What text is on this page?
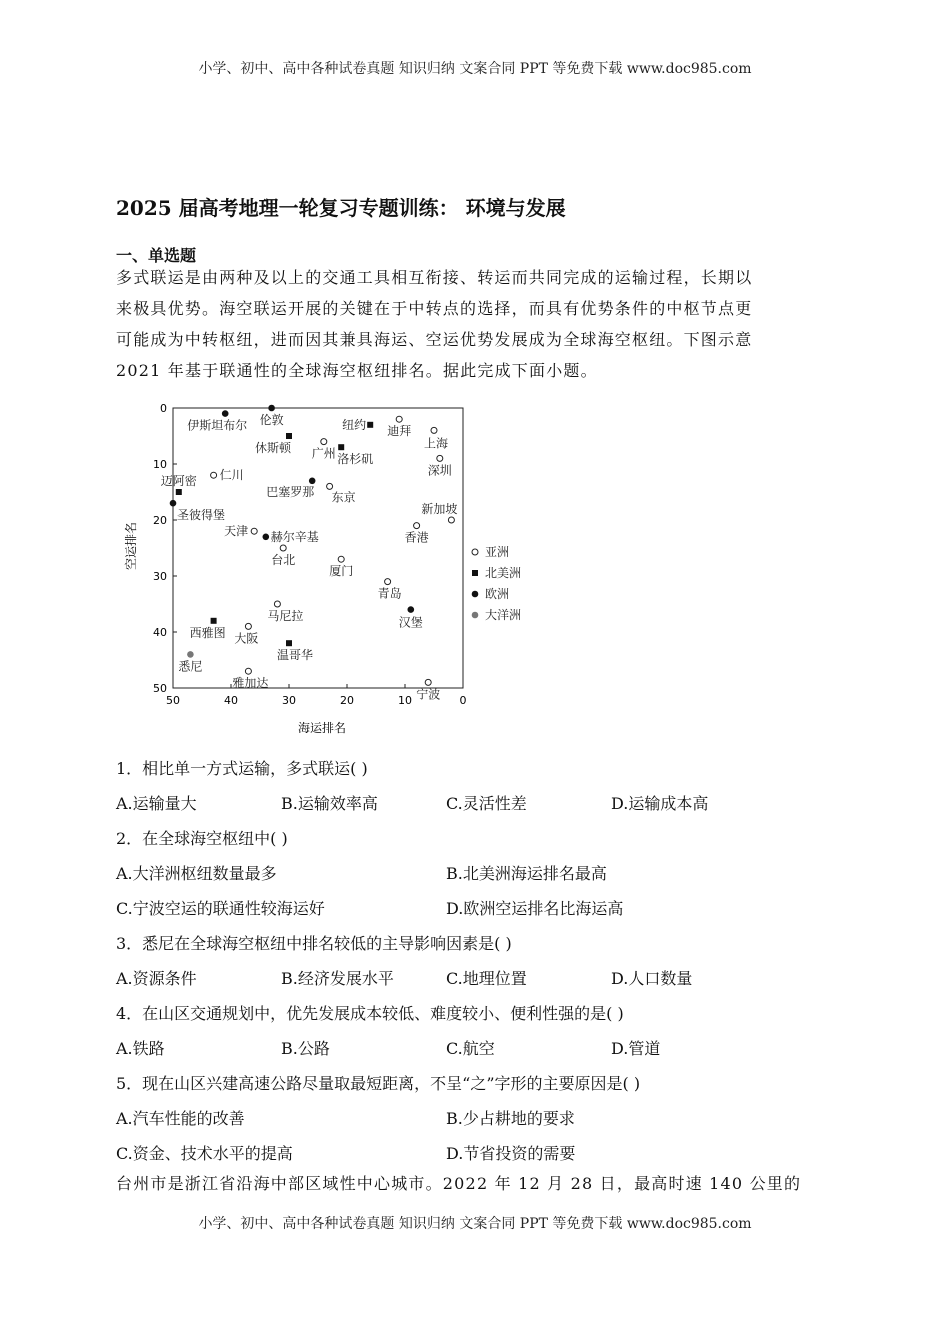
小学、初中、高中各种试卷真题 知识归纳 文案合同 PPT 等免费下载 www.doc985.com
2025 届高考地理一轮复习专题训练： 环境与发展
一、单选题
多式联运是由两种及以上的交通工具相互衔接、转运而共同完成的运输过程，长期以
来极具优势。海空联运开展的关键在于中转点的选择，而具有优势条件的中枢节点更
可能成为中转枢纽，进而因其兼具海运、空运优势发展成为全球海空枢纽。下图示意
2021 年基于联通性的全球海空枢纽排名。据此完成下面小题。
50	40	30	20	10	0
0
10
20
30
40
50
海运排名
空运排名
伊斯坦布尔 伦敦	纽约 迪拜
休斯顿 广州 洛杉矶
上海
深圳
迈阿密 仁川
巴塞罗那 东京
圣彼得堡	新加坡
天津 赫尔辛基	香港
台北
厦门
青岛
汉堡
马尼拉
西雅图 大阪
温哥华
悉尼
雅加达
宁波
亚洲
北美洲
欧洲
大洋洲
1．相比单一方式运输，多式联运( )
A.运输量大	B.运输效率高	C.灵活性差	D.运输成本高
2．在全球海空枢纽中( )
A.大洋洲枢纽数量最多	B.北美洲海运排名最高
C.宁波空运的联通性较海运好	D.欧洲空运排名比海运高
3．悉尼在全球海空枢纽中排名较低的主导影响因素是( )
A.资源条件	B.经济发展水平	C.地理位置	D.人口数量
4．在山区交通规划中，优先发展成本较低、难度较小、便利性强的是( )
A.铁路	B.公路	C.航空	D.管道
5．现在山区兴建高速公路尽量取最短距离，不呈“之”字形的主要原因是( )
A.汽车性能的改善	B.少占耕地的要求
C.资金、技术水平的提高	D.节省投资的需要
台州市是浙江省沿海中部区域性中心城市。2022 年 12 月 28 日，最高时速 140 公里的
小学、初中、高中各种试卷真题 知识归纳 文案合同 PPT 等免费下载 www.doc985.com
